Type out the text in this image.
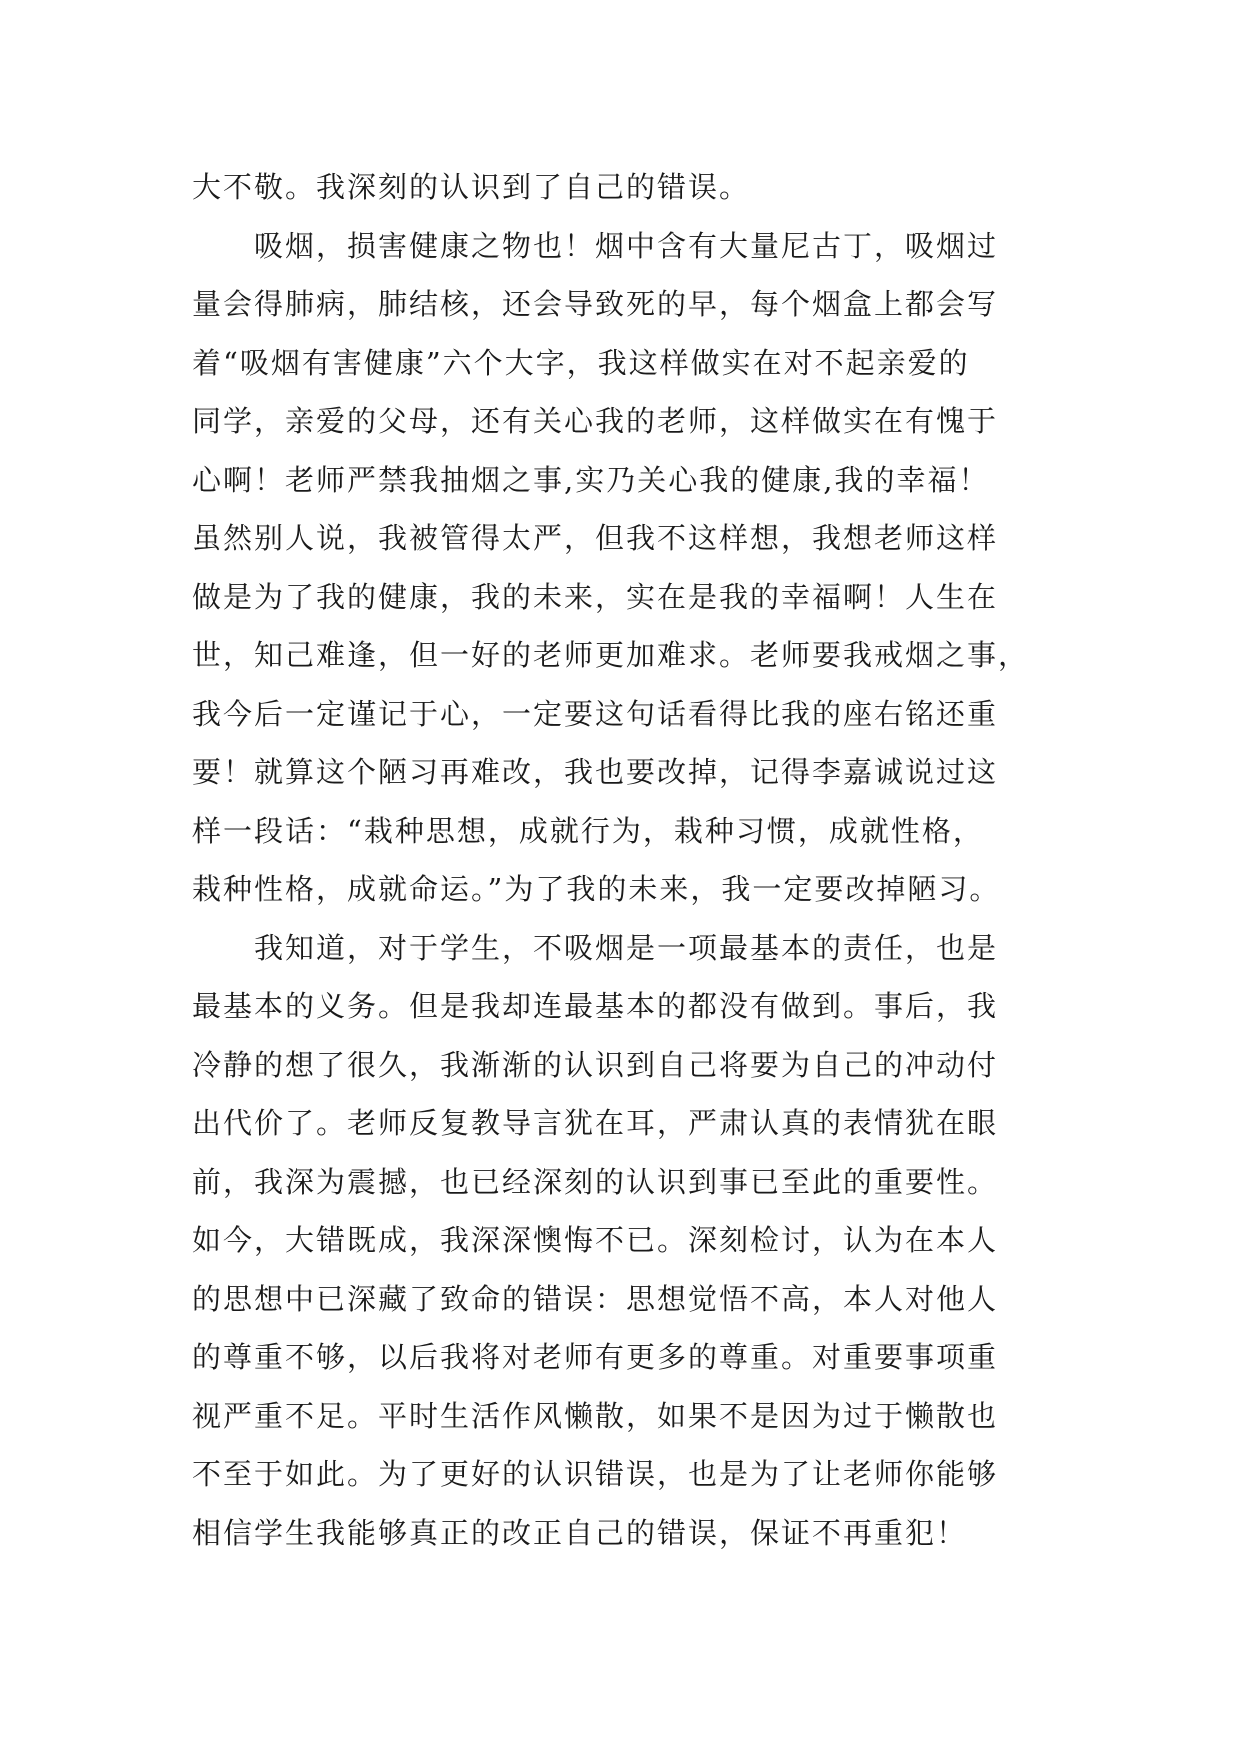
大不敬。我深刻的认识到了自己的错误。
吸烟，损害健康之物也！烟中含有大量尼古丁，吸烟过
量会得肺病，肺结核，还会导致死的早，每个烟盒上都会写
着“吸烟有害健康”六个大字，我这样做实在对不起亲爱的
同学，亲爱的父母，还有关心我的老师，这样做实在有愧于
心啊！老师严禁我抽烟之事,实乃关心我的健康,我的幸福！
虽然别人说，我被管得太严，但我不这样想，我想老师这样
做是为了我的健康，我的未来，实在是我的幸福啊！人生在
世，知己难逢，但一好的老师更加难求。老师要我戒烟之事，
我今后一定谨记于心，一定要这句话看得比我的座右铭还重
要！就算这个陋习再难改，我也要改掉，记得李嘉诚说过这
样一段话：“栽种思想，成就行为，栽种习惯，成就性格，
栽种性格，成就命运。”为了我的未来，我一定要改掉陋习。
我知道，对于学生，不吸烟是一项最基本的责任，也是
最基本的义务。但是我却连最基本的都没有做到。事后，我
冷静的想了很久，我渐渐的认识到自己将要为自己的冲动付
出代价了。老师反复教导言犹在耳，严肃认真的表情犹在眼
前，我深为震撼，也已经深刻的认识到事已至此的重要性。
如今，大错既成，我深深懊悔不已。深刻检讨，认为在本人
的思想中已深藏了致命的错误：思想觉悟不高，本人对他人
的尊重不够，以后我将对老师有更多的尊重。对重要事项重
视严重不足。平时生活作风懒散，如果不是因为过于懒散也
不至于如此。为了更好的认识错误，也是为了让老师你能够
相信学生我能够真正的改正自己的错误，保证不再重犯！
